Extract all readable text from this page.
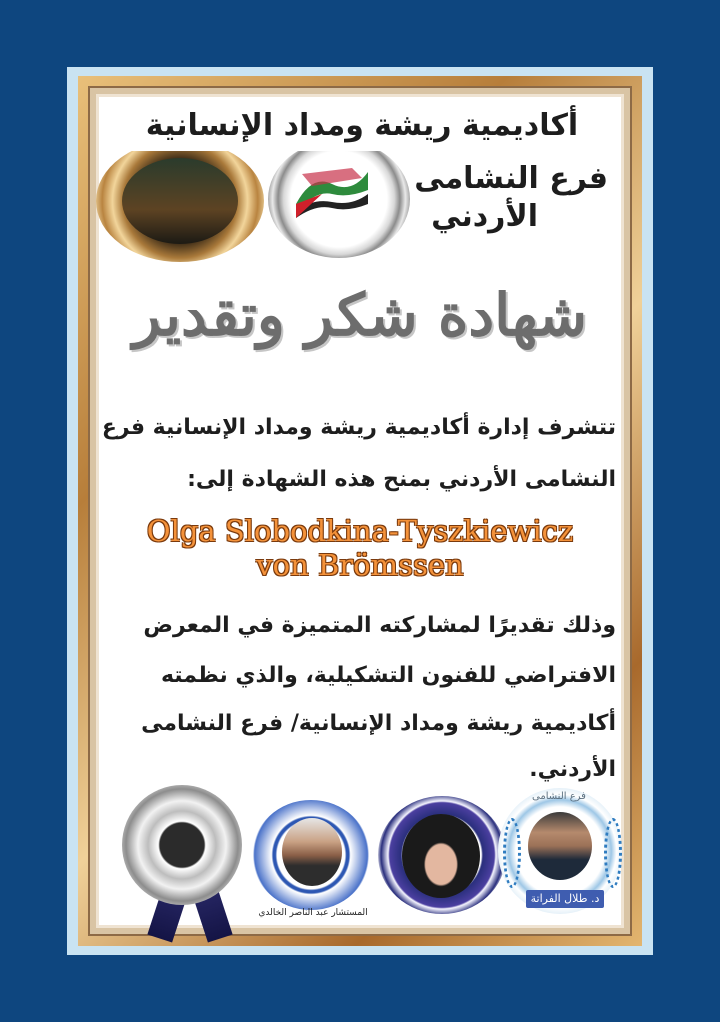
أكاديمية ريشة ومداد الإنسانية
فرع النشامى
الأردني
شهادة شكر وتقدير
تتشرف إدارة أكاديمية ريشة ومداد الإنسانية فرع
النشامى الأردني بمنح هذه الشهادة إلى:
Olga Slobodkina-Tyszkiewicz
von Brömssen
وذلك تقديرًا لمشاركته المتميزة في المعرض
الافتراضي للفنون التشكيلية، والذي نظمته
أكاديمية ريشة ومداد الإنسانية/ فرع النشامى
الأردني.
المستشار عبد الناصر الخالدي
فرع النشامى
د. طلال الفراتة
